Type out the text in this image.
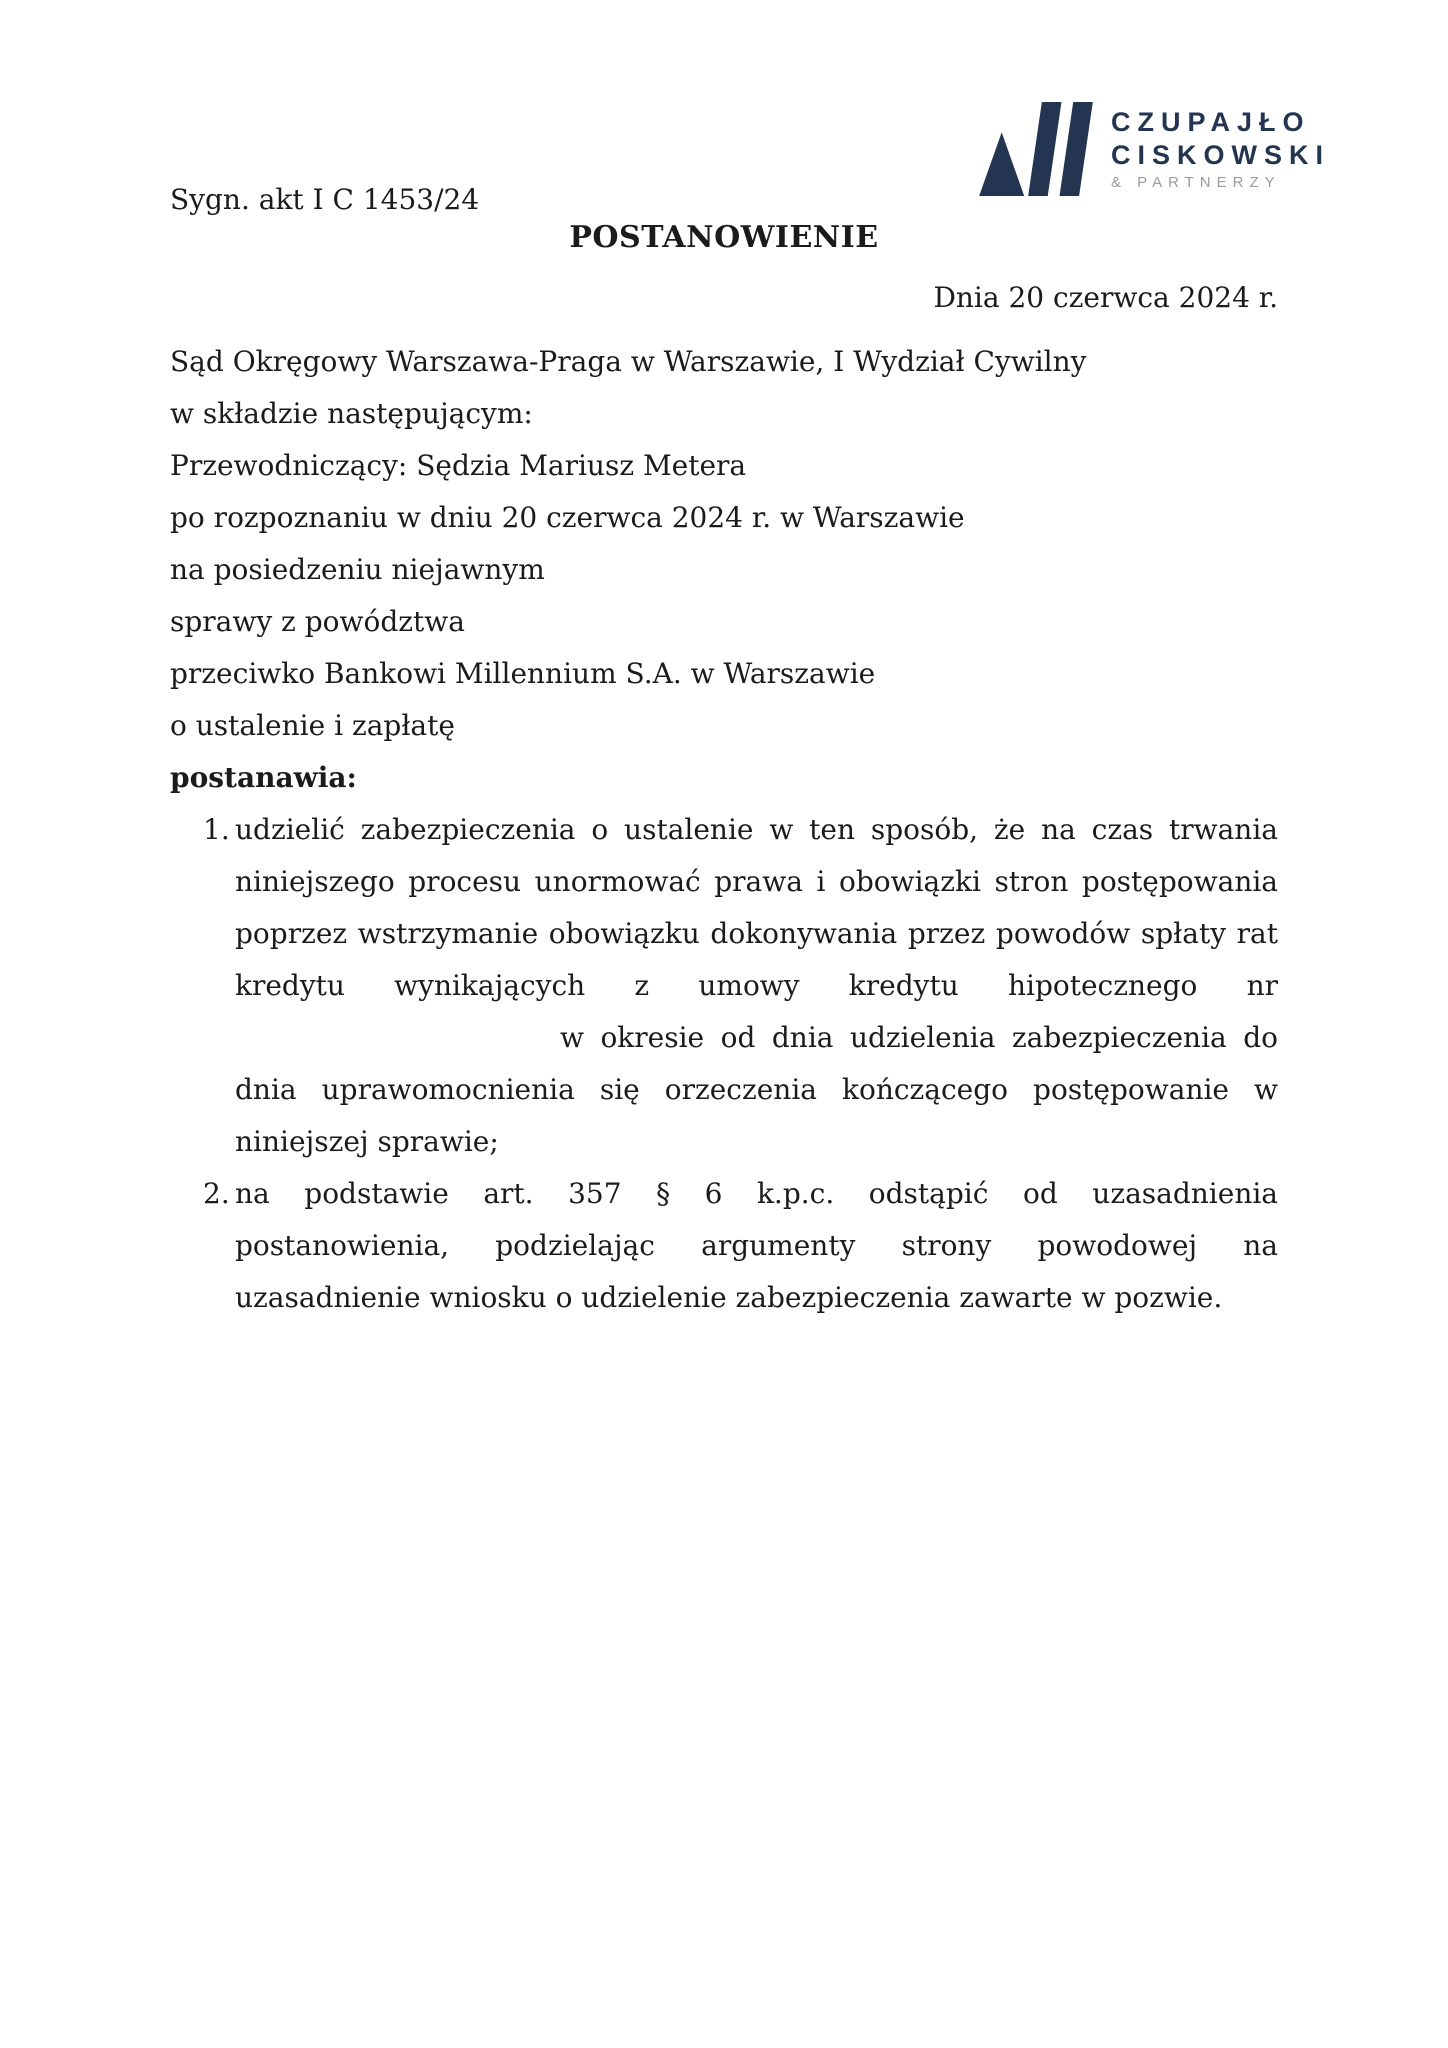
Sygn. akt I C 1453/24
CZUPAJŁO
CISKOWSKI
& PARTNERZY
POSTANOWIENIE
Dnia 20 czerwca 2024 r.
Sąd Okręgowy Warszawa-Praga w Warszawie, I Wydział Cywilny
w składzie następującym:
Przewodniczący: Sędzia Mariusz Metera
po rozpoznaniu w dniu 20 czerwca 2024 r. w Warszawie
na posiedzeniu niejawnym
sprawy z powództwa
przeciwko Bankowi Millennium S.A. w Warszawie
o ustalenie i zapłatę
postanawia:
1. udzielić zabezpieczenia o ustalenie w ten sposób, że na czas trwania
niniejszego procesu unormować prawa i obowiązki stron postępowania
poprzez wstrzymanie obowiązku dokonywania przez powodów spłaty rat
kredytu wynikających z umowy kredytu hipotecznego nr
w okresie od dnia udzielenia zabezpieczenia do
dnia uprawomocnienia się orzeczenia kończącego postępowanie w
niniejszej sprawie;
2. na podstawie art. 357 § 6 k.p.c. odstąpić od uzasadnienia
postanowienia, podzielając argumenty strony powodowej na
uzasadnienie wniosku o udzielenie zabezpieczenia zawarte w pozwie.
